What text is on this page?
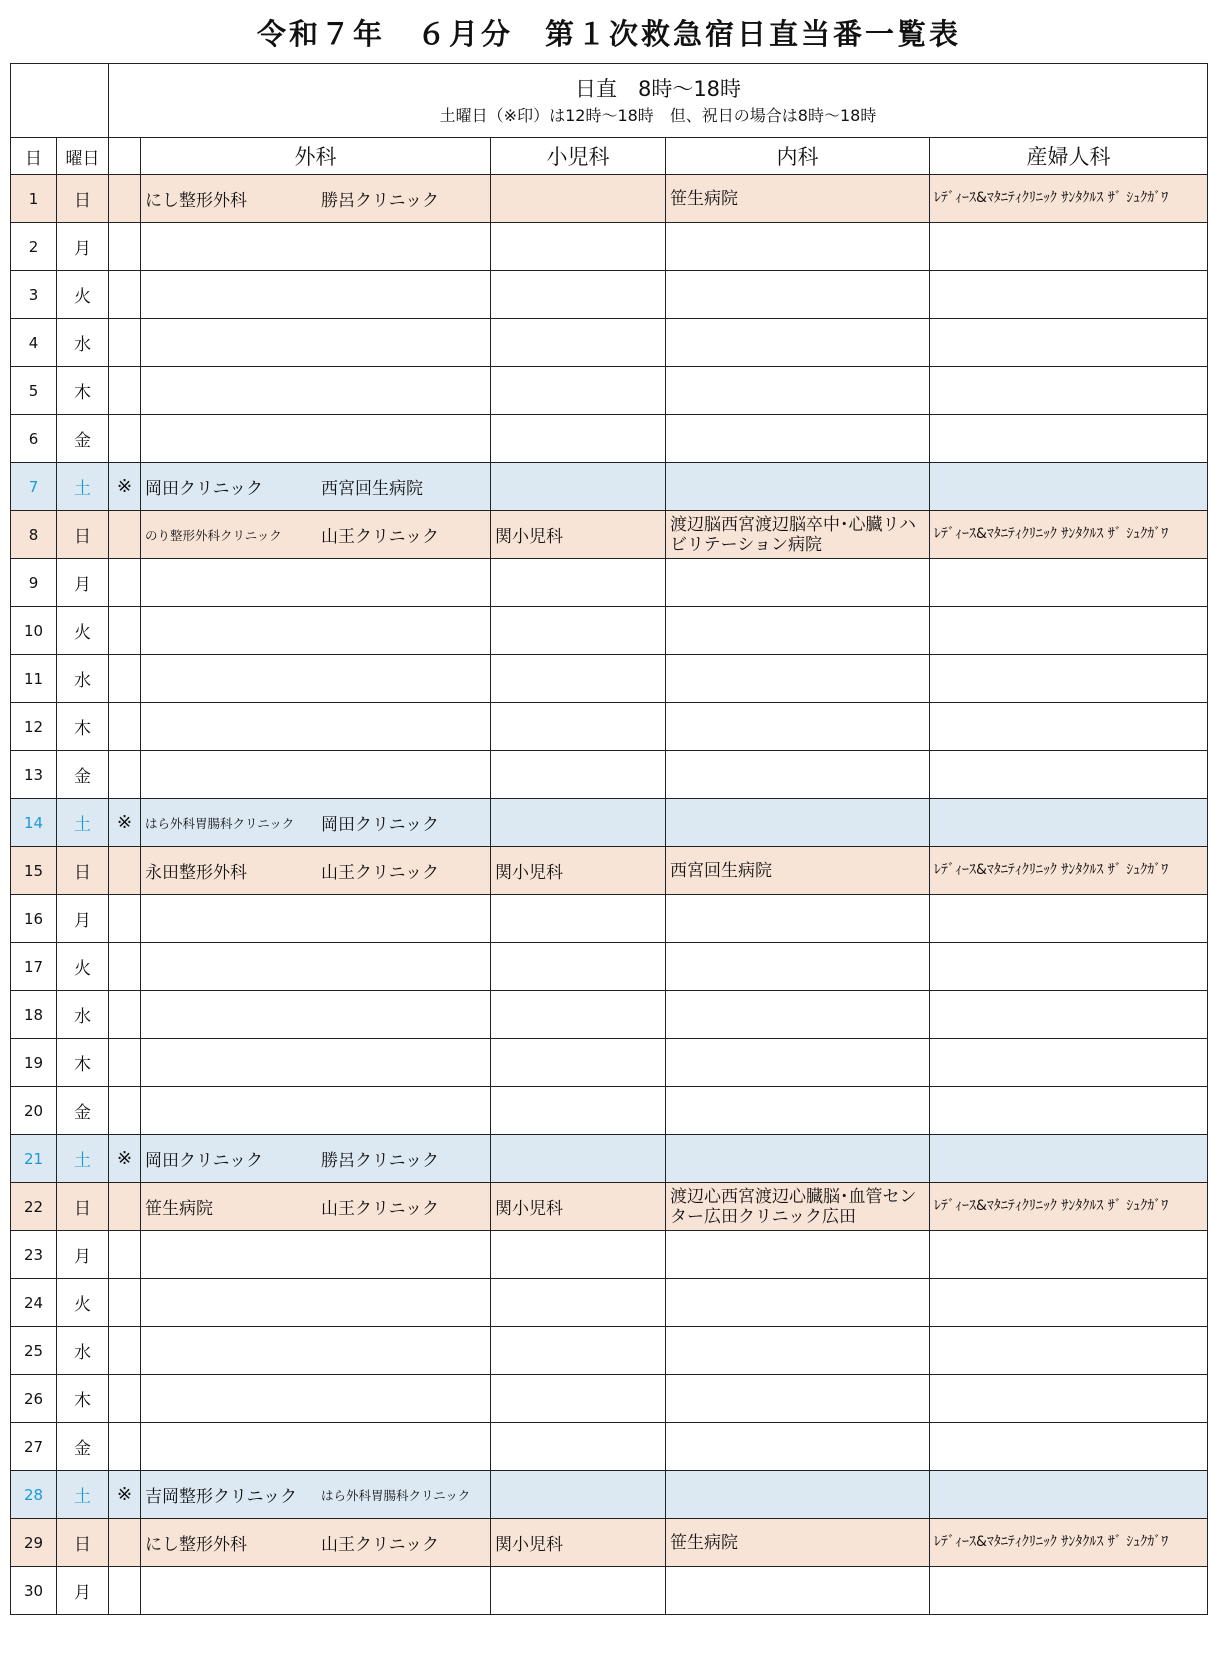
令和７年　６月分　第１次救急宿日直当番一覧表

		日直　8時～18時
土曜日（※印）は12時～18時　但、祝日の場合は8時～18時				

日	曜日		外科	小児科	内科	産婦人科
1	日		にし整形外科 勝呂クリニック		笹生病院	ﾚﾃﾞｨｰｽ&ﾏﾀﾆﾃｨｸﾘﾆｯｸ ｻﾝﾀｸﾙｽ ｻﾞ ｼｭｸｶﾞﾜ
2	月					
3	火					
4	水					
5	木					
6	金					
7	土	※	岡田クリニック 西宮回生病院			
8	日		のり整形外科クリニック 山王クリニック	関小児科	渡辺脳西宮渡辺脳卒中･心臓リハビリテーション病院	ﾚﾃﾞｨｰｽ&ﾏﾀﾆﾃｨｸﾘﾆｯｸ ｻﾝﾀｸﾙｽ ｻﾞ ｼｭｸｶﾞﾜ
9	月					
10	火					
11	水					
12	木					
13	金					
14	土	※	はら外科胃腸科クリニック 岡田クリニック			
15	日		永田整形外科 山王クリニック	関小児科	西宮回生病院	ﾚﾃﾞｨｰｽ&ﾏﾀﾆﾃｨｸﾘﾆｯｸ ｻﾝﾀｸﾙｽ ｻﾞ ｼｭｸｶﾞﾜ
16	月					
17	火					
18	水					
19	木					
20	金					
21	土	※	岡田クリニック 勝呂クリニック			
22	日		笹生病院 山王クリニック	関小児科	渡辺心西宮渡辺心臓脳･血管センター広田クリニック広田	ﾚﾃﾞｨｰｽ&ﾏﾀﾆﾃｨｸﾘﾆｯｸ ｻﾝﾀｸﾙｽ ｻﾞ ｼｭｸｶﾞﾜ
23	月					
24	火					
25	水					
26	木					
27	金					
28	土	※	吉岡整形クリニック はら外科胃腸科クリニック			
29	日		にし整形外科 山王クリニック	関小児科	笹生病院	ﾚﾃﾞｨｰｽ&ﾏﾀﾆﾃｨｸﾘﾆｯｸ ｻﾝﾀｸﾙｽ ｻﾞ ｼｭｸｶﾞﾜ
30	月					
